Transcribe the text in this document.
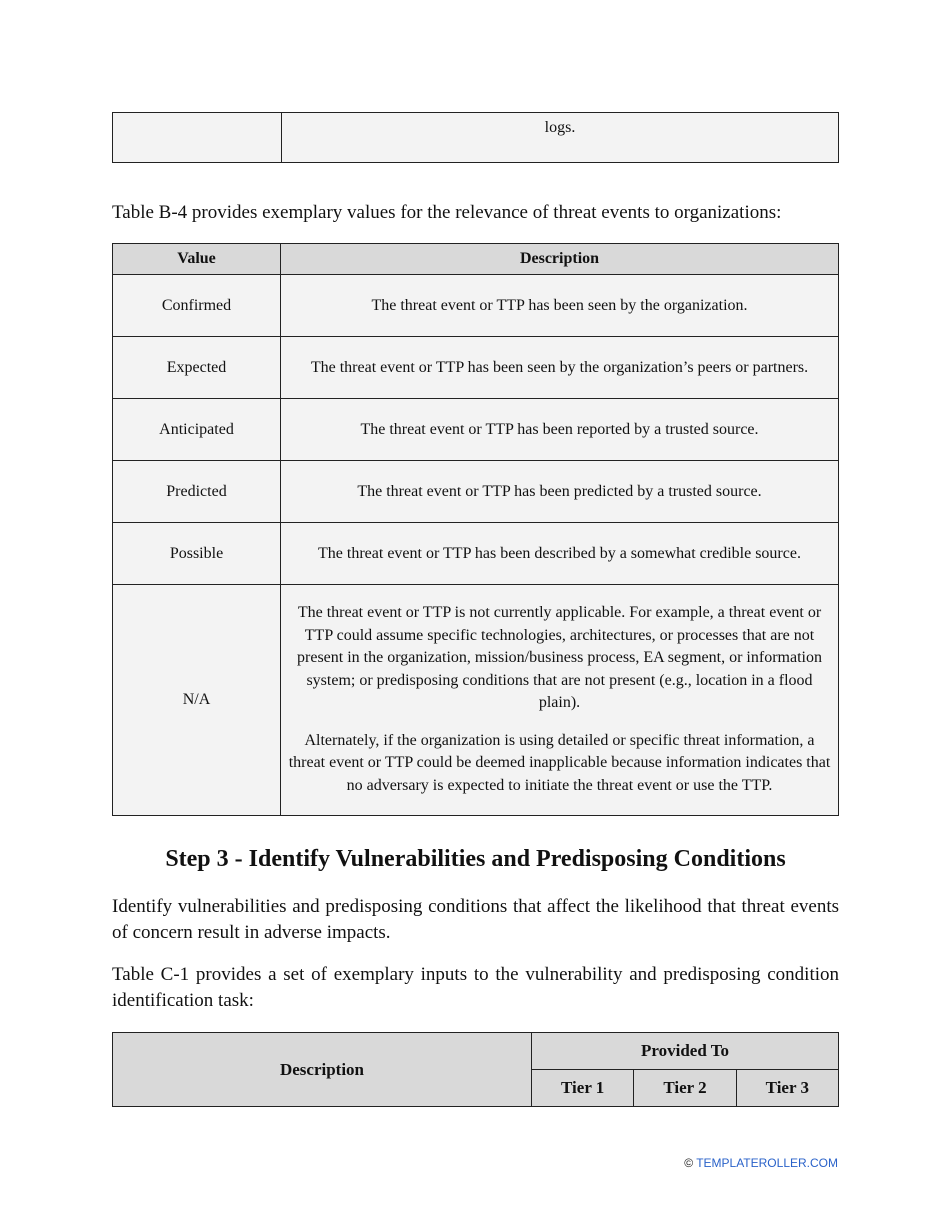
	logs.

Table B-4 provides exemplary values for the relevance of threat events to organizations:

Value	Description
Confirmed	The threat event or TTP has been seen by the organization.
Expected	The threat event or TTP has been seen by the organization’s peers or partners.
Anticipated	The threat event or TTP has been reported by a trusted source.
Predicted	The threat event or TTP has been predicted by a trusted source.
Possible	The threat event or TTP has been described by a somewhat credible source.
N/A	The threat event or TTP is not currently applicable. For example, a threat event or TTP could assume specific technologies, architectures, or processes that are not present in the organization, mission/business process, EA segment, or information system; or predisposing conditions that are not present (e.g., location in a flood plain).

Alternately, if the organization is using detailed or specific threat information, a threat event or TTP could be deemed inapplicable because information indicates that no adversary is expected to initiate the threat event or use the TTP.

Step 3 - Identify Vulnerabilities and Predisposing Conditions

Identify vulnerabilities and predisposing conditions that affect the likelihood that threat events of concern result in adverse impacts.

Table C-1 provides a set of exemplary inputs to the vulnerability and predisposing condition identification task:

Description	Provided To		
	Tier 1	Tier 2	Tier 3
© TEMPLATEROLLER.COM
